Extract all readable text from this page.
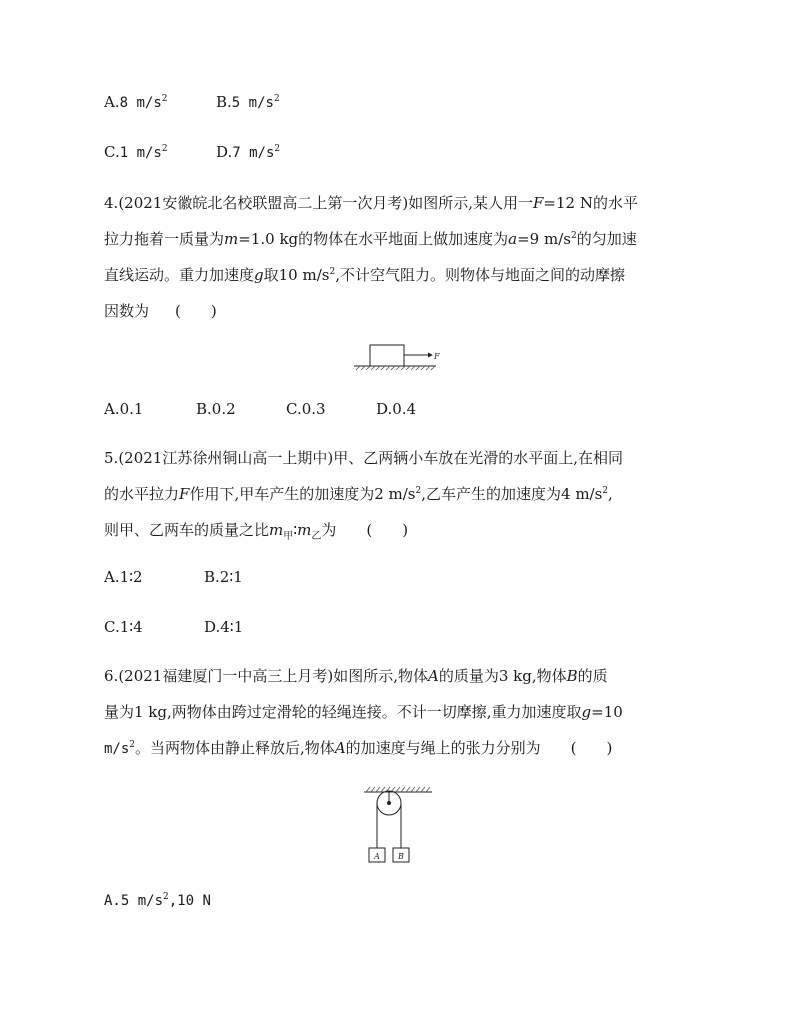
A.8 $m/s^2$	B.5 $m/s^2$
C.1 $m/s^2$	D.7 $m/s^2$
4.(2021安徽皖北名校联盟高二上第一次月考)如图所示,某人用一F=12 N的水平
拉力拖着一质量为m=1.0 kg的物体在水平地面上做加速度为a=9 $m/s^2$的匀加速
直线运动。重力加速度g取10 $m/s^2$,不计空气阻力。则物体与地面之间的动摩擦
因数为 (　　)
F
A.0.1	B.0.2	C.0.3	D.0.4
5.(2021江苏徐州铜山高一上期中)甲、乙两辆小车放在光滑的水平面上,在相同
的水平拉力F作用下,甲车产生的加速度为2 $m/s^2$,乙车产生的加速度为4 $m/s^2$,
则甲、乙两车的质量之比$m_甲∶m_乙$为 (　　)
A.1∶2	B.2∶1
C.1∶4	D.4∶1
6.(2021福建厦门一中高三上月考)如图所示,物体A的质量为3 kg,物体B的质
量为1 kg,两物体由跨过定滑轮的轻绳连接。不计一切摩擦,重力加速度取g=10
$m/s^2$。当两物体由静止释放后,物体A的加速度与绳上的张力分别为 (　　)
A B
A.5 $m/s^2,10$ N
